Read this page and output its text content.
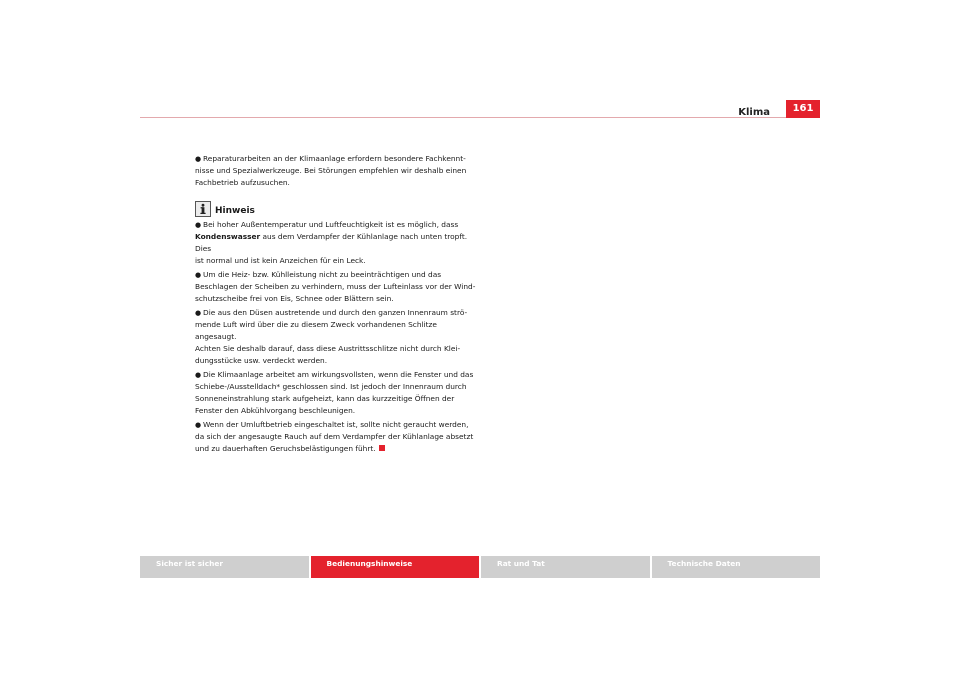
Klima	161

● Reparaturarbeiten an der Klimaanlage erfordern besondere Fachkennt-
nisse und Spezialwerkzeuge. Bei Störungen empfehlen wir deshalb einen
Fachbetrieb aufzusuchen.

Hinweis

● Bei hoher Außentemperatur und Luftfeuchtigkeit ist es möglich, dass
Kondenswasser aus dem Verdampfer der Kühlanlage nach unten tropft. Dies
ist normal und ist kein Anzeichen für ein Leck.

● Um die Heiz- bzw. Kühlleistung nicht zu beeinträchtigen und das
Beschlagen der Scheiben zu verhindern, muss der Lufteinlass vor der Wind-
schutzscheibe frei von Eis, Schnee oder Blättern sein.

● Die aus den Düsen austretende und durch den ganzen Innenraum strö-
mende Luft wird über die zu diesem Zweck vorhandenen Schlitze angesaugt.
Achten Sie deshalb darauf, dass diese Austrittsschlitze nicht durch Klei-
dungsstücke usw. verdeckt werden.

● Die Klimaanlage arbeitet am wirkungsvollsten, wenn die Fenster und das
Schiebe-/Ausstelldach* geschlossen sind. Ist jedoch der Innenraum durch
Sonneneinstrahlung stark aufgeheizt, kann das kurzzeitige Öffnen der
Fenster den Abkühlvorgang beschleunigen.

● Wenn der Umluftbetrieb eingeschaltet ist, sollte nicht geraucht werden,
da sich der angesaugte Rauch auf dem Verdampfer der Kühlanlage absetzt
und zu dauerhaften Geruchsbelästigungen führt.

Sicher ist sicher	Bedienungshinweise	Rat und Tat	Technische Daten
